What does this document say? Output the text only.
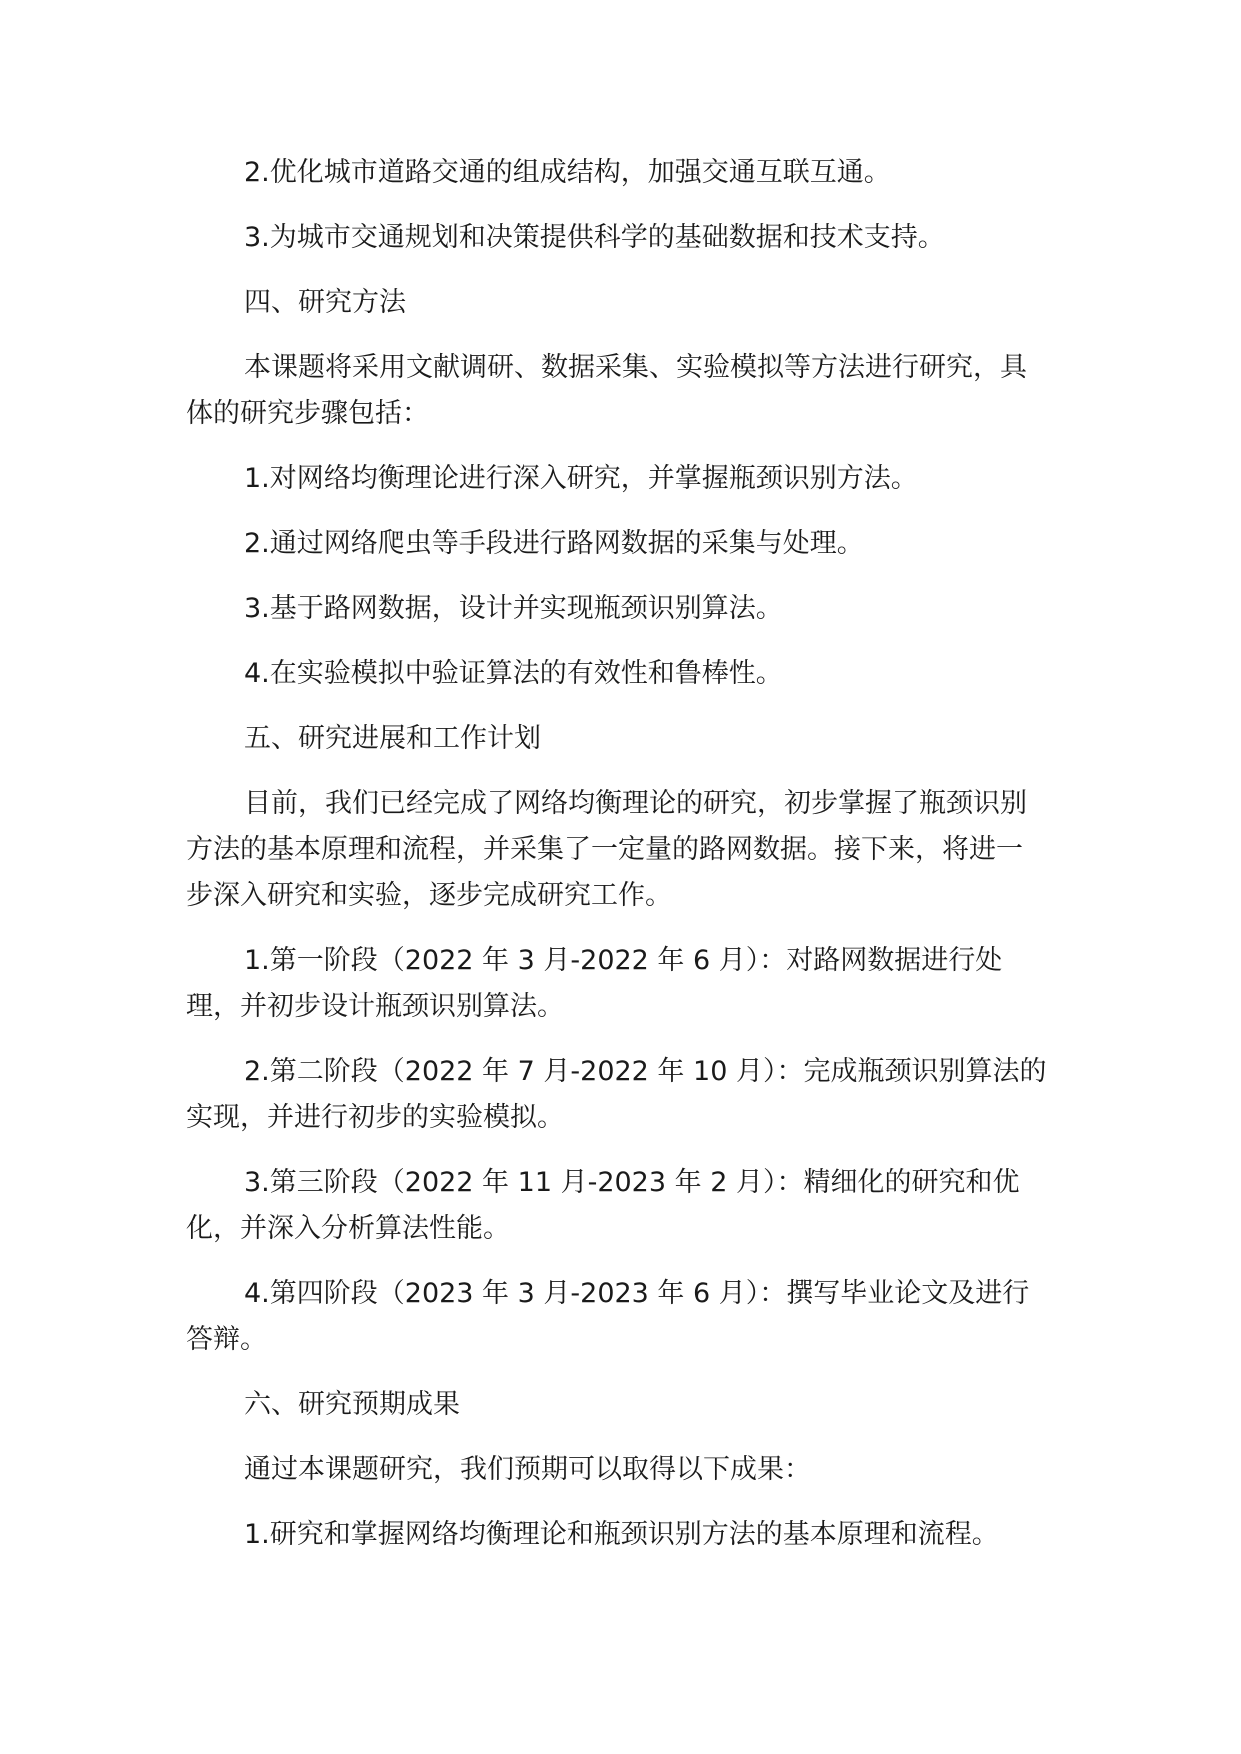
2.优化城市道路交通的组成结构，加强交通互联互通。

3.为城市交通规划和决策提供科学的基础数据和技术支持。

四、研究方法

本课题将采用文献调研、数据采集、实验模拟等方法进行研究，具体的研究步骤包括：

1.对网络均衡理论进行深入研究，并掌握瓶颈识别方法。

2.通过网络爬虫等手段进行路网数据的采集与处理。

3.基于路网数据，设计并实现瓶颈识别算法。

4.在实验模拟中验证算法的有效性和鲁棒性。

五、研究进展和工作计划

目前，我们已经完成了网络均衡理论的研究，初步掌握了瓶颈识别方法的基本原理和流程，并采集了一定量的路网数据。接下来，将进一步深入研究和实验，逐步完成研究工作。

1.第一阶段（2022 年 3 月-2022 年 6 月）：对路网数据进行处理，并初步设计瓶颈识别算法。

2.第二阶段（2022 年 7 月-2022 年 10 月）：完成瓶颈识别算法的实现，并进行初步的实验模拟。

3.第三阶段（2022 年 11 月-2023 年 2 月）：精细化的研究和优化，并深入分析算法性能。

4.第四阶段（2023 年 3 月-2023 年 6 月）：撰写毕业论文及进行答辩。

六、研究预期成果

通过本课题研究，我们预期可以取得以下成果：

1.研究和掌握网络均衡理论和瓶颈识别方法的基本原理和流程。
